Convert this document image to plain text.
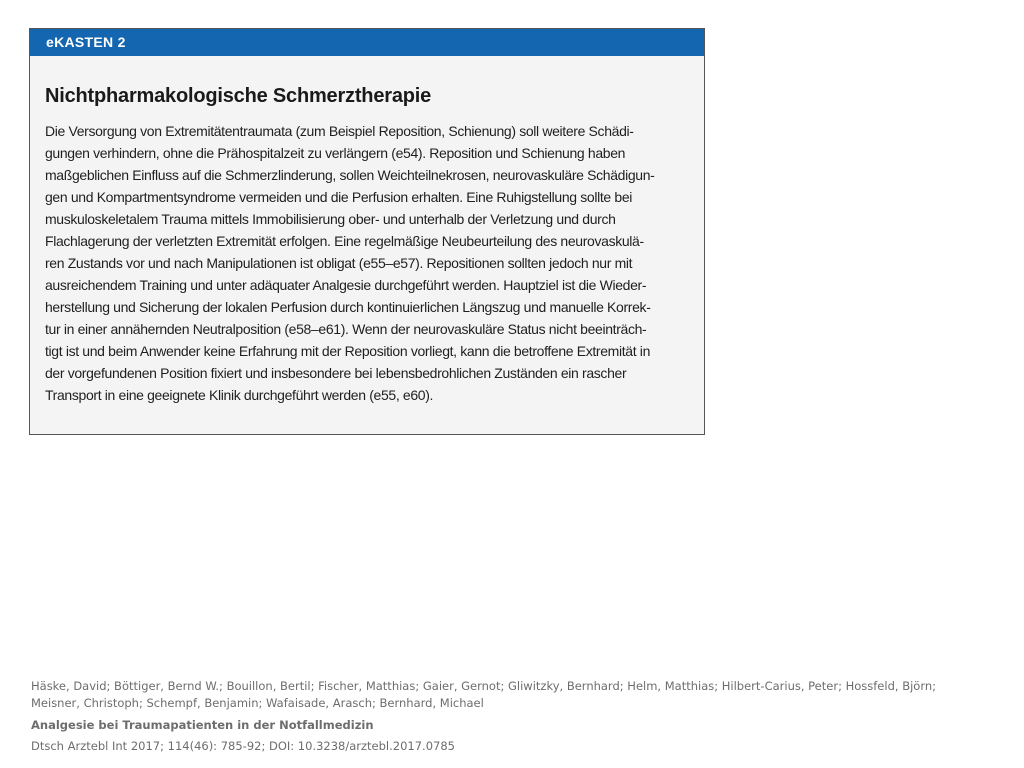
eKASTEN 2
Nichtpharmakologische Schmerztherapie

Die Versorgung von Extremitätentraumata (zum Beispiel Reposition, Schienung) soll weitere Schädi-
gungen verhindern, ohne die Prähospitalzeit zu verlängern (e54). Reposition und Schienung haben
maßgeblichen Einfluss auf die Schmerzlinderung, sollen Weichteilnekrosen, neurovaskuläre Schädigun-
gen und Kompartmentsyndrome vermeiden und die Perfusion erhalten. Eine Ruhigstellung sollte bei
muskuloskeletalem Trauma mittels Immobilisierung ober- und unterhalb der Verletzung und durch
Flachlagerung der verletzten Extremität erfolgen. Eine regelmäßige Neubeurteilung des neurovaskulä-
ren Zustands vor und nach Manipulationen ist obligat (e55–e57). Repositionen sollten jedoch nur mit
ausreichendem Training und unter adäquater Analgesie durchgeführt werden. Hauptziel ist die Wieder-
herstellung und Sicherung der lokalen Perfusion durch kontinuierlichen Längszug und manuelle Korrek-
tur in einer annähernden Neutralposition (e58–e61). Wenn der neurovaskuläre Status nicht beeinträch-
tigt ist und beim Anwender keine Erfahrung mit der Reposition vorliegt, kann die betroffene Extremität in
der vorgefundenen Position fixiert und insbesondere bei lebensbedrohlichen Zuständen ein rascher
Transport in eine geeignete Klinik durchgeführt werden (e55, e60).

Häske, David; Böttiger, Bernd W.; Bouillon, Bertil; Fischer, Matthias; Gaier, Gernot; Gliwitzky, Bernhard; Helm, Matthias; Hilbert-Carius, Peter; Hossfeld, Björn;
Meisner, Christoph; Schempf, Benjamin; Wafaisade, Arasch; Bernhard, Michael

Analgesie bei Traumapatienten in der Notfallmedizin

Dtsch Arztebl Int 2017; 114(46): 785-92; DOI: 10.3238/arztebl.2017.0785
